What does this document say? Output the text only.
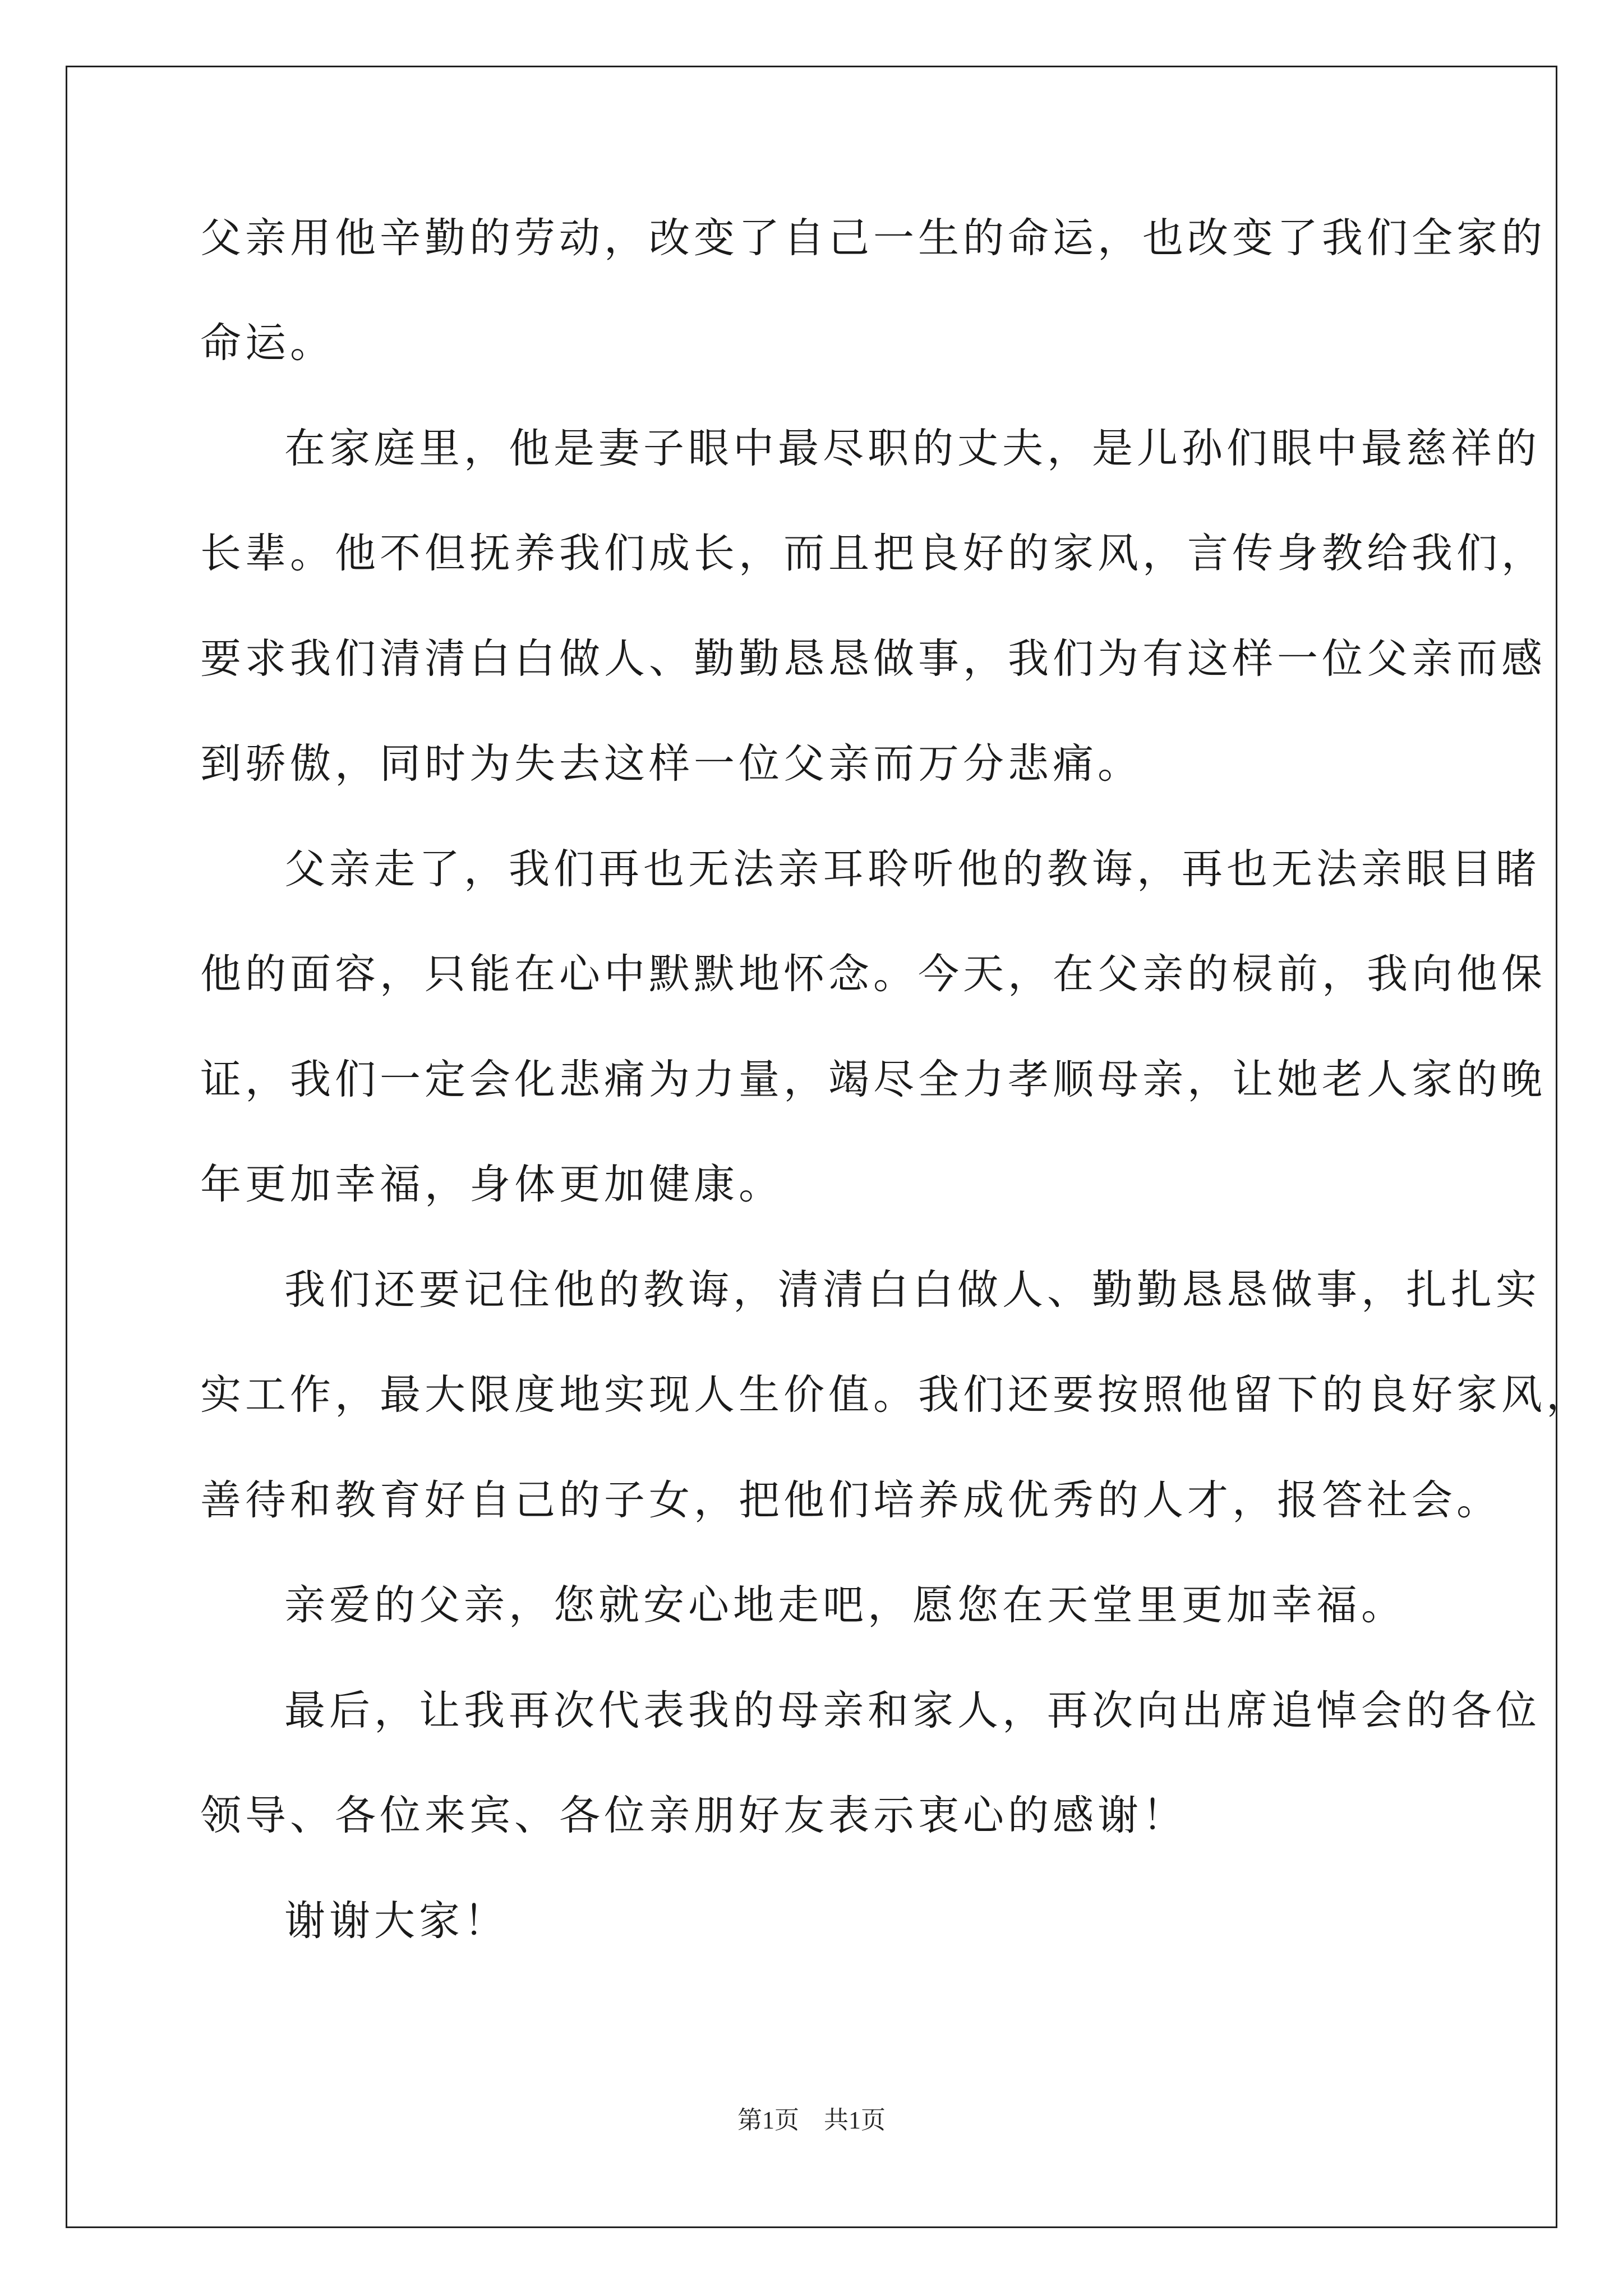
父亲用他辛勤的劳动，改变了自己一生的命运，也改变了我们全家的
命运。
在家庭里，他是妻子眼中最尽职的丈夫，是儿孙们眼中最慈祥的
长辈。他不但抚养我们成长，而且把良好的家风，言传身教给我们，
要求我们清清白白做人、勤勤恳恳做事，我们为有这样一位父亲而感
到骄傲，同时为失去这样一位父亲而万分悲痛。
父亲走了，我们再也无法亲耳聆听他的教诲，再也无法亲眼目睹
他的面容，只能在心中默默地怀念。今天，在父亲的棂前，我向他保
证，我们一定会化悲痛为力量，竭尽全力孝顺母亲，让她老人家的晚
年更加幸福，身体更加健康。
我们还要记住他的教诲，清清白白做人、勤勤恳恳做事，扎扎实
实工作，最大限度地实现人生价值。我们还要按照他留下的良好家风，
善待和教育好自己的子女，把他们培养成优秀的人才，报答社会。
亲爱的父亲，您就安心地走吧，愿您在天堂里更加幸福。
最后，让我再次代表我的母亲和家人，再次向出席追悼会的各位
领导、各位来宾、各位亲朋好友表示衷心的感谢！
谢谢大家！
第1页　共1页
